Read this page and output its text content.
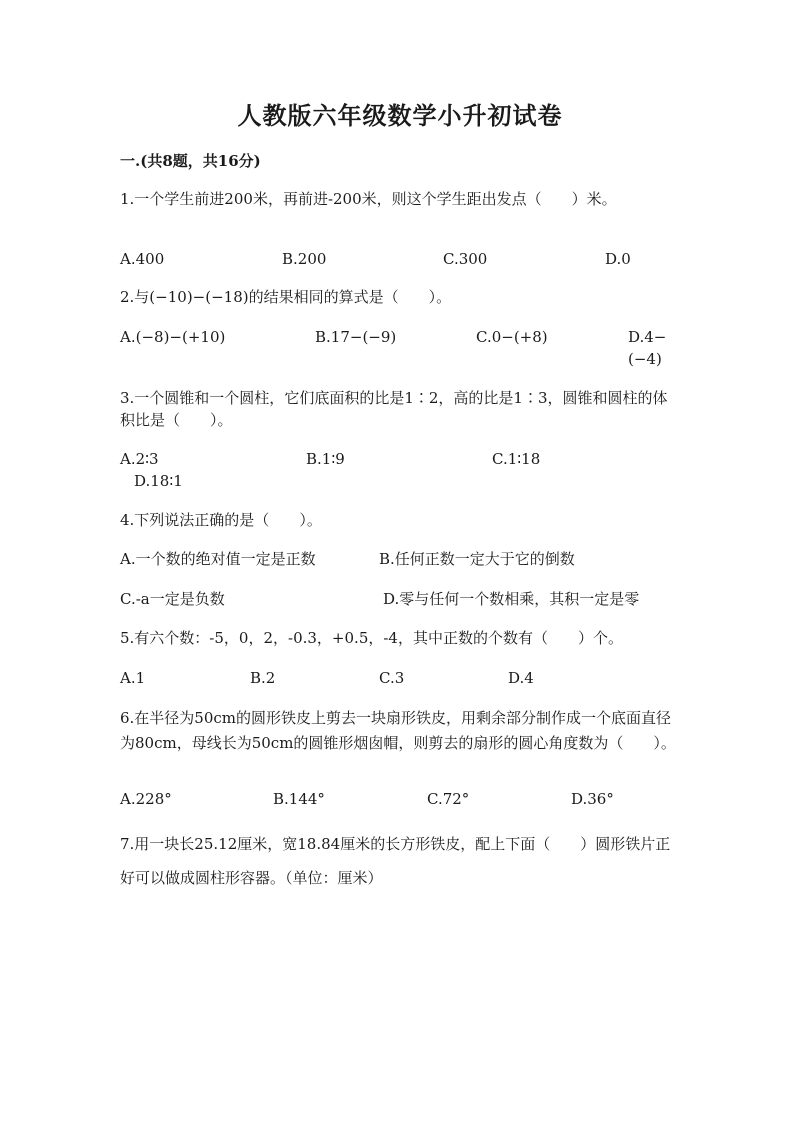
人教版六年级数学小升初试卷
一.(共8题，共16分)
1.一个学生前进200米，再前进-200米，则这个学生距出发点（　　）米。
A.400	B.200	C.300	D.0
2.与(−10)−(−18)的结果相同的算式是（　　）。
A.(−8)−(+10)	B.17−(−9)	C.0−(+8)	D.4−(−4)
3.一个圆锥和一个圆柱，它们底面积的比是1∶2，高的比是1∶3，圆锥和圆柱的体积比是（　　）。
A.2∶3	B.1∶9	C.1∶18
D.18∶1
4.下列说法正确的是（　　）。
A.一个数的绝对值一定是正数	B.任何正数一定大于它的倒数
C.-a一定是负数	D.零与任何一个数相乘，其积一定是零
5.有六个数：-5，0，2，-0.3，+0.5，-4，其中正数的个数有（　　）个。
A.1	B.2	C.3	D.4
6.在半径为50cm的圆形铁皮上剪去一块扇形铁皮，用剩余部分制作成一个底面直径为80cm，母线长为50cm的圆锥形烟囱帽，则剪去的扇形的圆心角度数为（　　）。
A.228°	B.144°	C.72°	D.36°
7.用一块长25.12厘米，宽18.84厘米的长方形铁皮，配上下面（　　）圆形铁片正好可以做成圆柱形容器。（单位：厘米）
